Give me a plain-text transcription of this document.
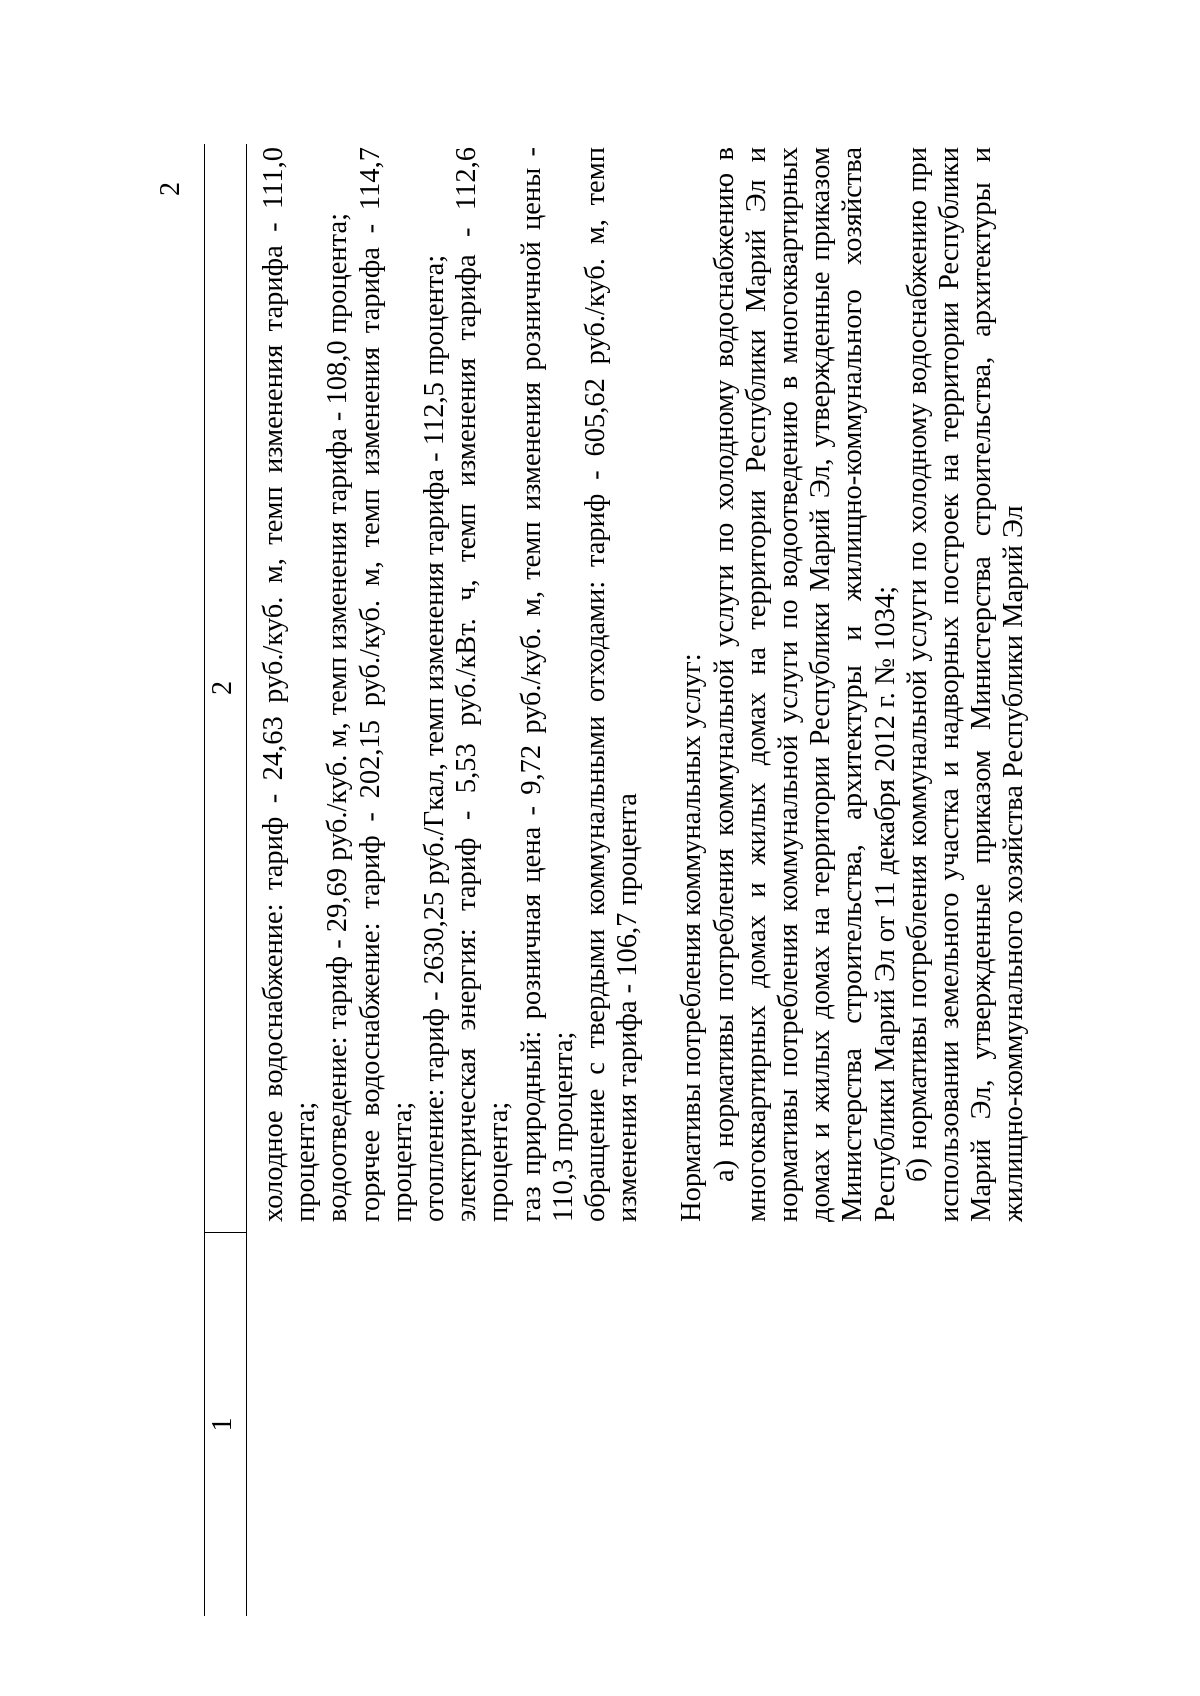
2
1
2 холодное водоснабжение: тариф - 24,63 руб./куб. м, темп изменения тарифа - 111,0 процента; водоотведение: тариф - 29,69 руб./куб. м, темп изменения тарифа - 108,0 процента; горячее водоснабжение: тариф - 202,15 руб./куб. м, темп изменения тарифа - 114,7 процента; отопление: тариф - 2630,25 руб./Гкал, темп изменения тарифа - 112,5 процента; электрическая энергия: тариф - 5,53 руб./кВт. ч, темп изменения тарифа - 112,6 процента; газ природный: розничная цена - 9,72 руб./куб. м, темп изменения розничной цены - 110,3 процента; обращение с твердыми коммунальными отходами: тариф - 605,62 руб./куб. м, темп изменения тарифа - 106,7 процента Нормативы потребления коммунальных услуг: а) нормативы потребления коммунальной услуги по холодному водоснабжению в многоквартирных домах и жилых домах на территории Республики Марий Эл и нормативы потребления коммунальной услуги по водоотведению в многоквартирных домах и жилых домах на территории Республики Марий Эл, утвержденные приказом Министерства строительства, архитектуры и жилищно-коммунального хозяйства Республики Марий Эл от 11 декабря 2012 г. № 1034; б) нормативы потребления коммунальной услуги по холодному водоснабжению при использовании земельного участка и надворных построек на территории Республики Марий Эл, утвержденные приказом Министерства строительства, архитектуры и жилищно-коммунального хозяйства Республики Марий Эл
